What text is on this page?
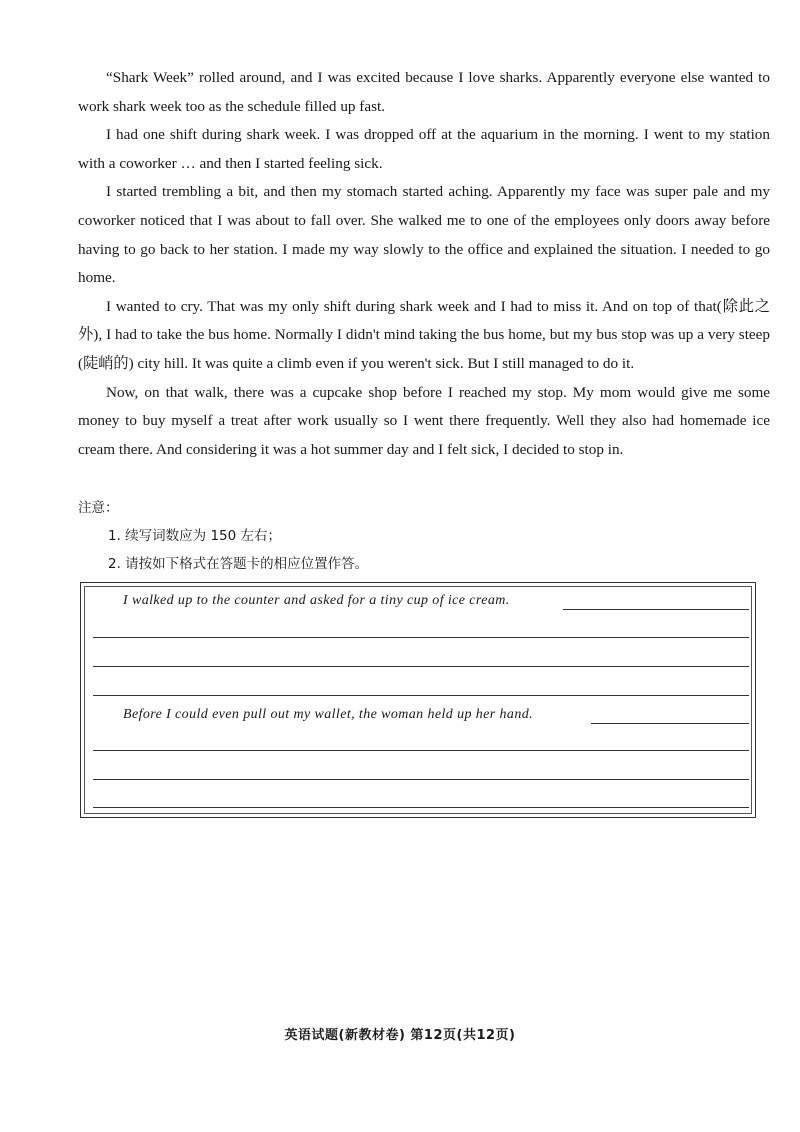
“Shark Week” rolled around, and I was excited because I love sharks. Apparently everyone else wanted to work shark week too as the schedule filled up fast.

I had one shift during shark week. I was dropped off at the aquarium in the morning. I went to my station with a coworker … and then I started feeling sick.

I started trembling a bit, and then my stomach started aching. Apparently my face was super pale and my coworker noticed that I was about to fall over. She walked me to one of the employees only doors away before having to go back to her station. I made my way slowly to the office and explained the situation. I needed to go home.

I wanted to cry. That was my only shift during shark week and I had to miss it. And on top of that(除此之外), I had to take the bus home. Normally I didn't mind taking the bus home, but my bus stop was up a very steep (陡峭的) city hill. It was quite a climb even if you weren't sick. But I still managed to do it.

Now, on that walk, there was a cupcake shop before I reached my stop. My mom would give me some money to buy myself a treat after work usually so I went there frequently. Well they also had homemade ice cream there. And considering it was a hot summer day and I felt sick, I decided to stop in.

注意：
1. 续写词数应为 150 左右；
2. 请按如下格式在答题卡的相应位置作答。
I walked up to the counter and asked for a tiny cup of ice cream.
Before I could even pull out my wallet, the woman held up her hand.
英语试题(新教材卷) 第12页(共12页)
